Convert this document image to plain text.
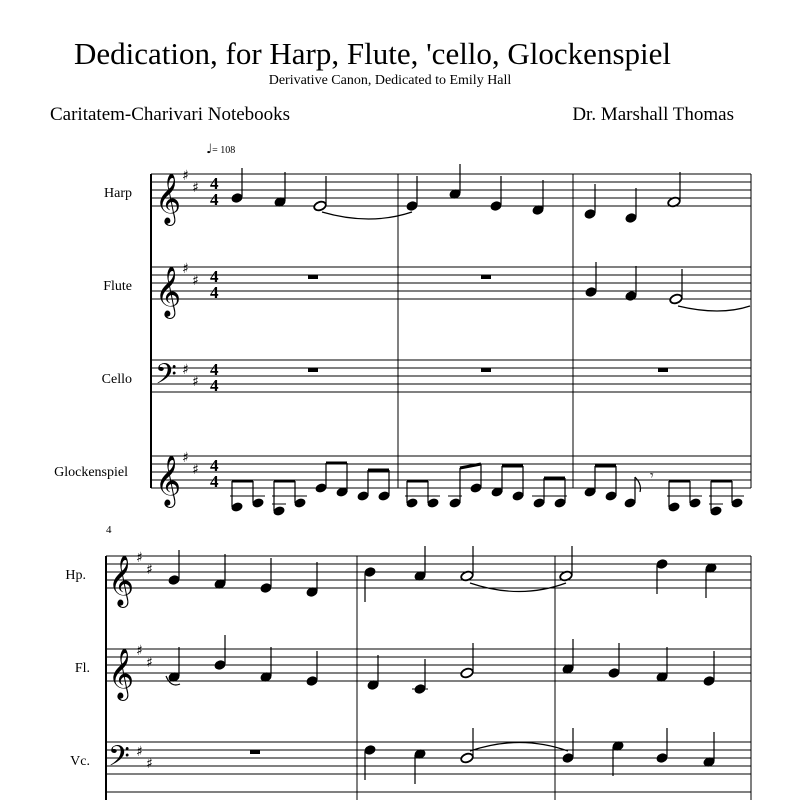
Dedication, for Harp, Flute, 'cello, Glockenspiel
Derivative Canon, Dedicated to Emily Hall
Caritatem-Charivari Notebooks	Dr. Marshall Thomas
♩= 108
Harp
Flute
Cello
Glockenspiel
4
Hp.
Fl.
Vc.
𝄞
𝄞
𝄢
𝄞
♯
♯
♯
♯
♯
♯
♯
♯
4
4
4
4
4
4
4
4	𝄾
𝄞
𝄞
𝄢
♯
♯
♯
♯
♯
♯
